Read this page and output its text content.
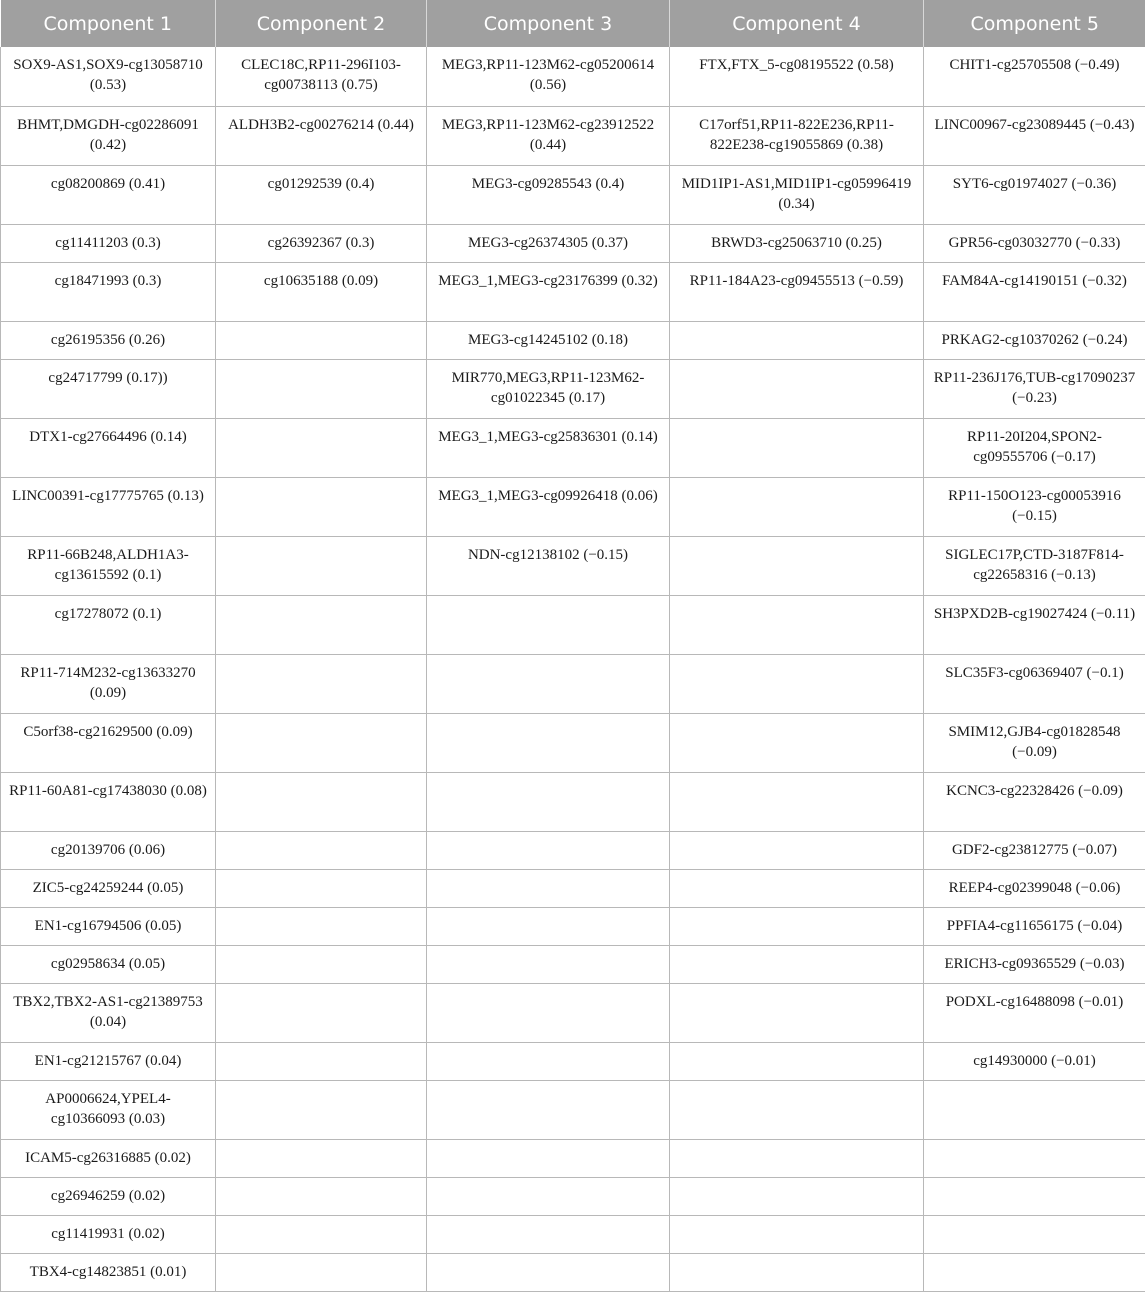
Component 1	Component 2	Component 3	Component 4	Component 5
SOX9-AS1,SOX9-cg13058710 (0.53)	CLEC18C,RP11-296I103-cg00738113 (0.75)	MEG3,RP11-123M62-cg05200614 (0.56)	FTX,FTX_5-cg08195522 (0.58)	CHIT1-cg25705508 (−0.49)
BHMT,DMGDH-cg02286091 (0.42)	ALDH3B2-cg00276214 (0.44)	MEG3,RP11-123M62-cg23912522 (0.44)	C17orf51,RP11-822E236,RP11-822E238-cg19055869 (0.38)	LINC00967-cg23089445 (−0.43)
cg08200869 (0.41)	cg01292539 (0.4)	MEG3-cg09285543 (0.4)	MID1IP1-AS1,MID1IP1-cg05996419 (0.34)	SYT6-cg01974027 (−0.36)
cg11411203 (0.3)	cg26392367 (0.3)	MEG3-cg26374305 (0.37)	BRWD3-cg25063710 (0.25)	GPR56-cg03032770 (−0.33)
cg18471993 (0.3)	cg10635188 (0.09)	MEG3_1,MEG3-cg23176399 (0.32)	RP11-184A23-cg09455513 (−0.59)	FAM84A-cg14190151 (−0.32)
cg26195356 (0.26)		MEG3-cg14245102 (0.18)		PRKAG2-cg10370262 (−0.24)
cg24717799 (0.17))		MIR770,MEG3,RP11-123M62-cg01022345 (0.17)		RP11-236J176,TUB-cg17090237 (−0.23)
DTX1-cg27664496 (0.14)		MEG3_1,MEG3-cg25836301 (0.14)		RP11-20I204,SPON2-cg09555706 (−0.17)
LINC00391-cg17775765 (0.13)		MEG3_1,MEG3-cg09926418 (0.06)		RP11-150O123-cg00053916 (−0.15)
RP11-66B248,ALDH1A3-cg13615592 (0.1)		NDN-cg12138102 (−0.15)		SIGLEC17P,CTD-3187F814-cg22658316 (−0.13)
cg17278072 (0.1)				SH3PXD2B-cg19027424 (−0.11)
RP11-714M232-cg13633270 (0.09)				SLC35F3-cg06369407 (−0.1)
C5orf38-cg21629500 (0.09)				SMIM12,GJB4-cg01828548 (−0.09)
RP11-60A81-cg17438030 (0.08)				KCNC3-cg22328426 (−0.09)
cg20139706 (0.06)				GDF2-cg23812775 (−0.07)
ZIC5-cg24259244 (0.05)				REEP4-cg02399048 (−0.06)
EN1-cg16794506 (0.05)				PPFIA4-cg11656175 (−0.04)
cg02958634 (0.05)				ERICH3-cg09365529 (−0.03)
TBX2,TBX2-AS1-cg21389753 (0.04)				PODXL-cg16488098 (−0.01)
EN1-cg21215767 (0.04)				cg14930000 (−0.01)
AP0006624,YPEL4-cg10366093 (0.03)				
ICAM5-cg26316885 (0.02)				
cg26946259 (0.02)				
cg11419931 (0.02)				
TBX4-cg14823851 (0.01)				
